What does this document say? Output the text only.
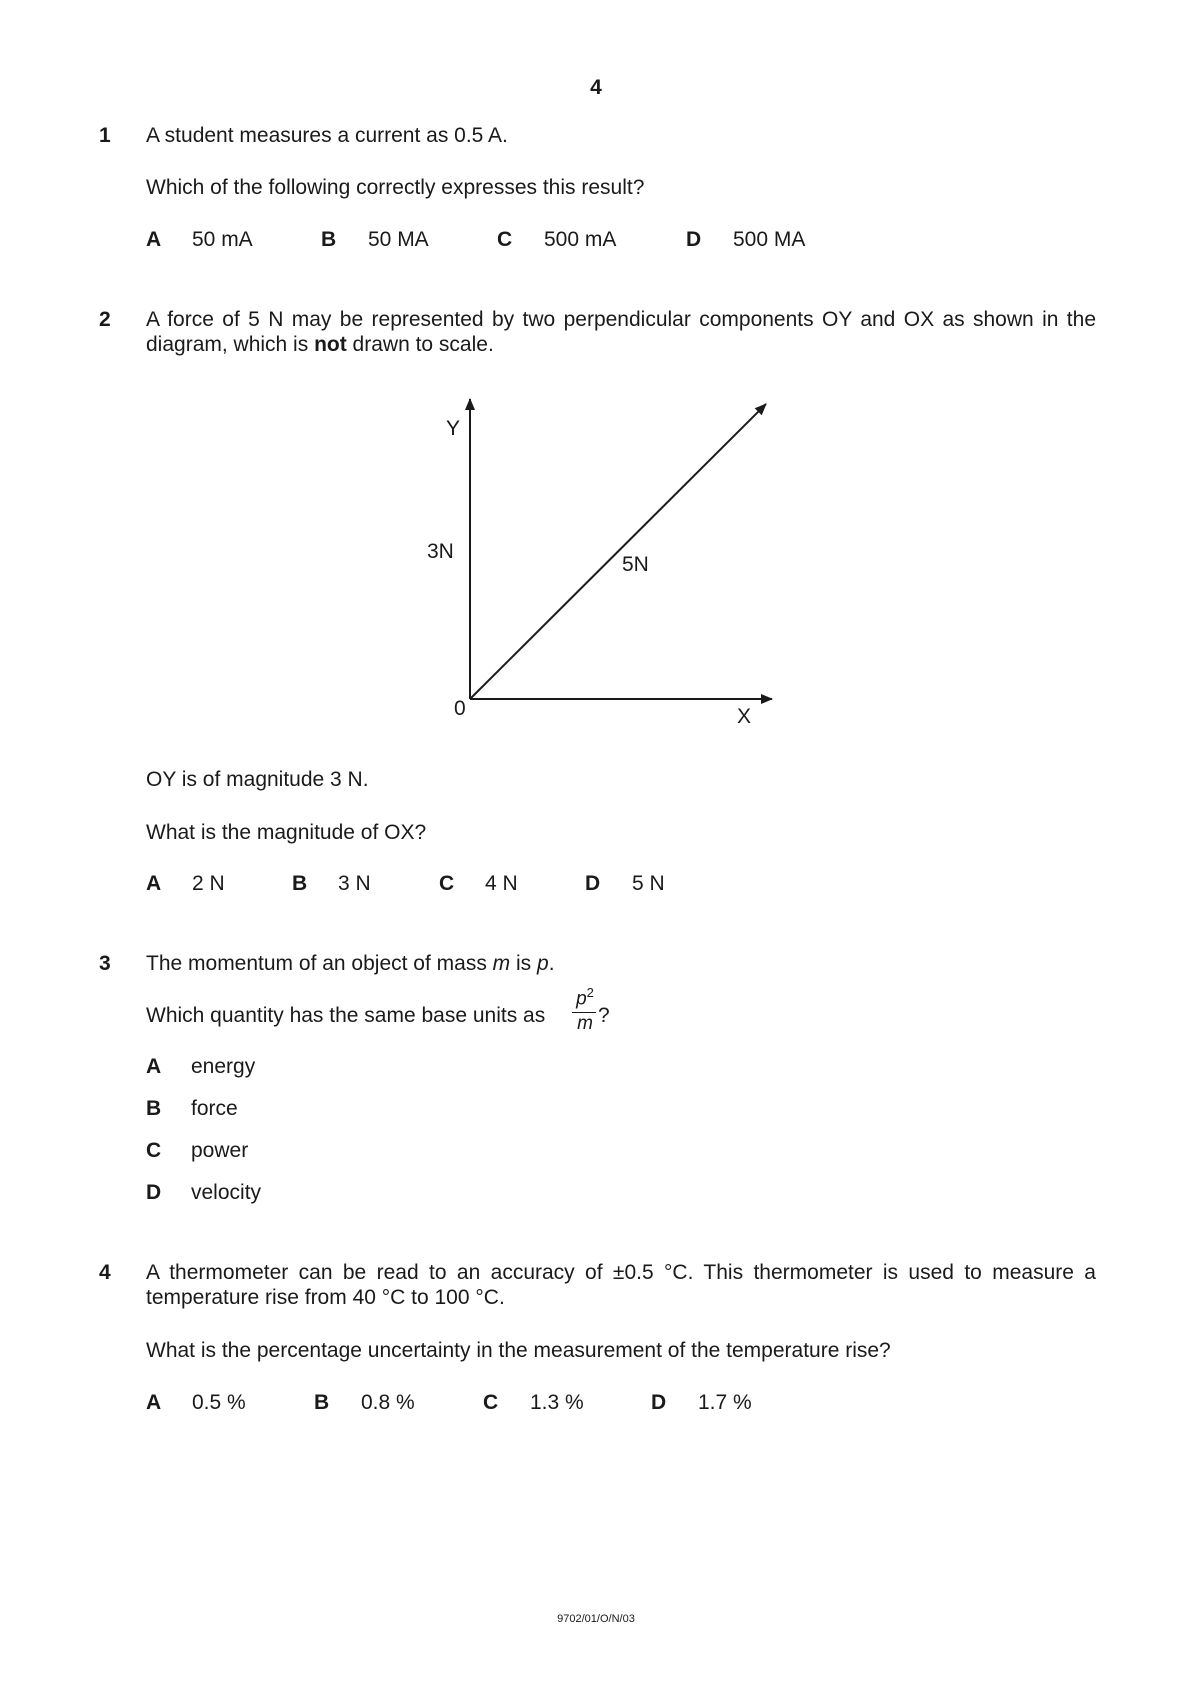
4
1 A student measures a current as 0.5 A.
Which of the following correctly expresses this result?
A 50 mA	B 50 MA	C 500 mA	D 500 MA
2 A force of 5 N may be represented by two perpendicular components OY and OX as shown in the diagram, which is not drawn to scale.
Y
X
0
3N
5N
OY is of magnitude 3 N.
What is the magnitude of OX?
A 2 N	B 3 N	C 4 N	D 5 N
3 The momentum of an object of mass m is p.
Which quantity has the same base units as
$p^2$
m ?
A energy
B force
C power
D velocity
4 A thermometer can be read to an accuracy of ±0.5 °C. This thermometer is used to measure a temperature rise from 40 °C to 100 °C.
What is the percentage uncertainty in the measurement of the temperature rise?
A 0.5 %	B 0.8 %	C 1.3 %	D 1.7 %
9702/01/O/N/03
